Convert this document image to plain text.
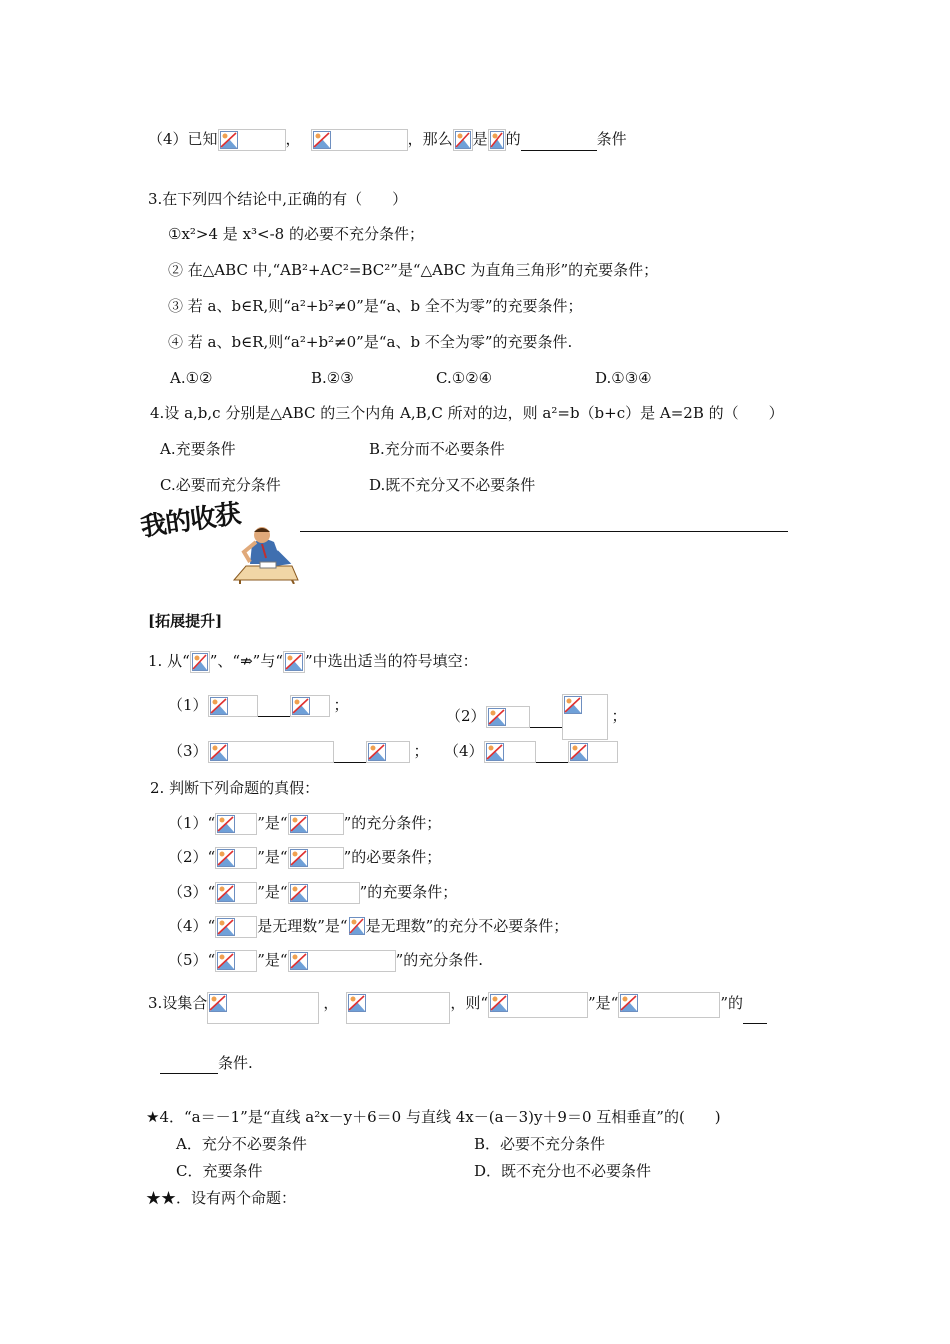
（4）已知	，	，那么 是 的	条件
3.在下列四个结论中,正确的有（　　）
①x²>4 是 x³<-8 的必要不充分条件；
② 在△ABC 中,“AB²+AC²=BC²”是“△ABC 为直角三角形”的充要条件；
③ 若 a、b∈R,则“a²+b²≠0”是“a、b 全不为零”的充要条件；
④ 若 a、b∈R,则“a²+b²≠0”是“a、b 不全为零”的充要条件.
A.①②	B.②③	C.①②④	D.①③④
4.设 a,b,c 分别是△ABC 的三个内角 A,B,C 所对的边，则 a²=b（b+c）是 A=2B 的（　　）
A.充要条件	B.充分而不必要条件
C.必要而充分条件	D.既不充分又不必要条件
我的收获
[拓展提升]
1. 从“ ”、“⇏”与“ ”中选出适当的符号填空：
（1）	；
（2）	；
（3）	； （4）
2. 判断下列命题的真假：
（1）“	”是“	”的充分条件；
（2）“	”是“	”的必要条件；
（3）“	”是“	”的充要条件；
（4）“	是无理数”是“ 是无理数”的充分不必要条件；
（5）“	”是“	”的充分条件.
3.设集合	，	，则“	”是“	”的
条件.
★4．“a＝－1”是“直线 a²x－y＋6＝0 与直线 4x－(a－3)y＋9＝0 互相垂直”的(　　)
A．充分不必要条件	B．必要不充分条件
C．充要条件	D．既不充分也不必要条件
★★．设有两个命题：
